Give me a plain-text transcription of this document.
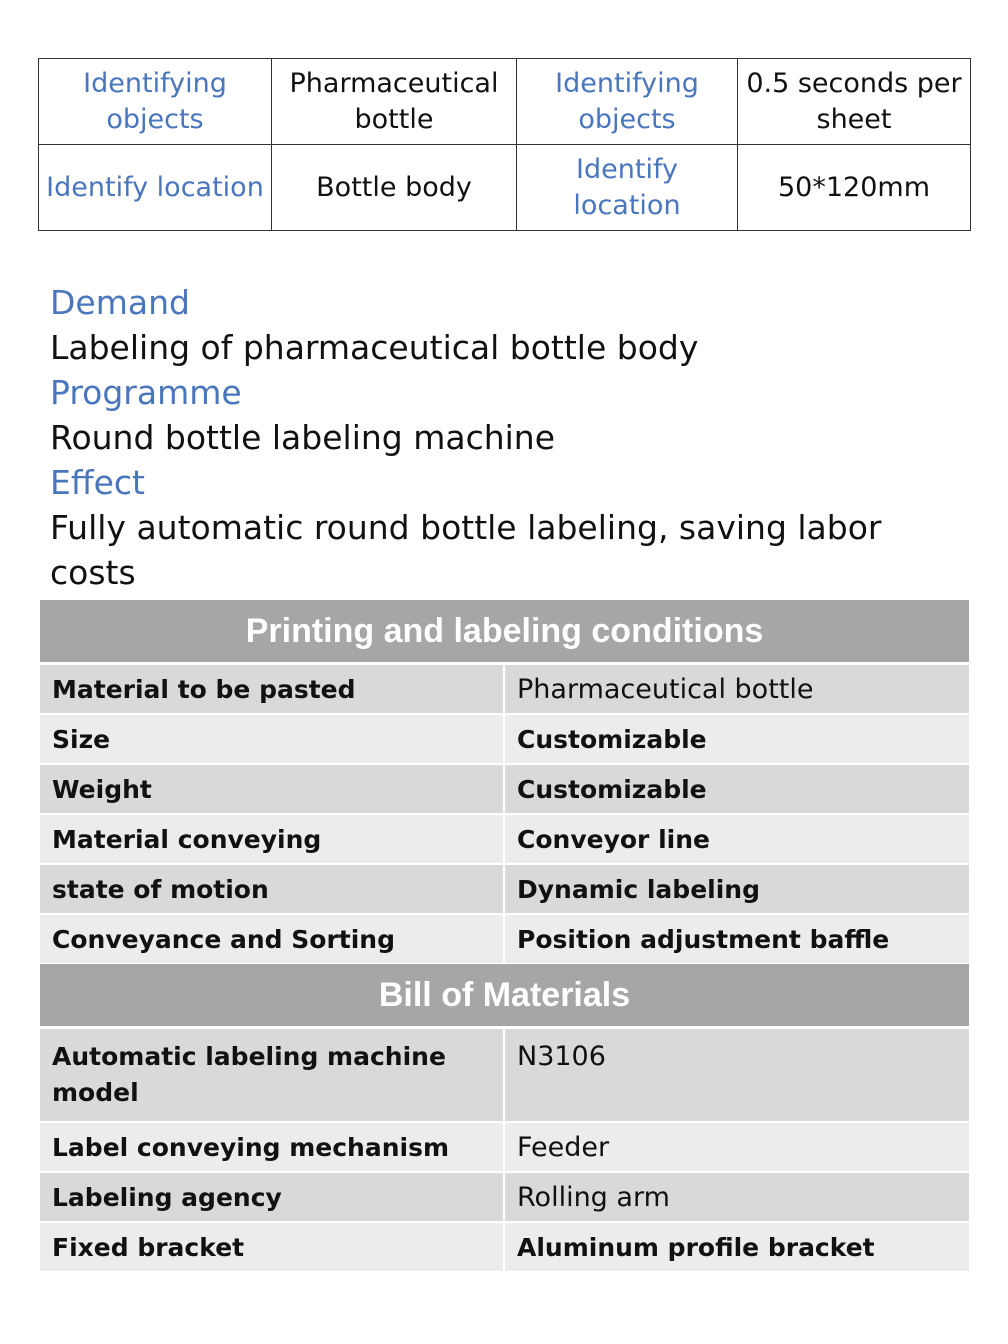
Identifying objects	Pharmaceutical bottle	Identifying objects	0.5 seconds per sheet
Identify location	Bottle body	Identify location	50*120mm

Demand

Labeling of pharmaceutical bottle body

Programme

Round bottle labeling machine

Effect

Fully automatic round bottle labeling, saving labor costs

Printing and labeling conditions	
Material to be pasted	Pharmaceutical bottle
Size	Customizable
Weight	Customizable
Material conveying	Conveyor line
state of motion	Dynamic labeling
Conveyance and Sorting	Position adjustment baffle
Bill of Materials	
Automatic labeling machine model	N3106
Label conveying mechanism	Feeder
Labeling agency	Rolling arm
Fixed bracket	Aluminum profile bracket
